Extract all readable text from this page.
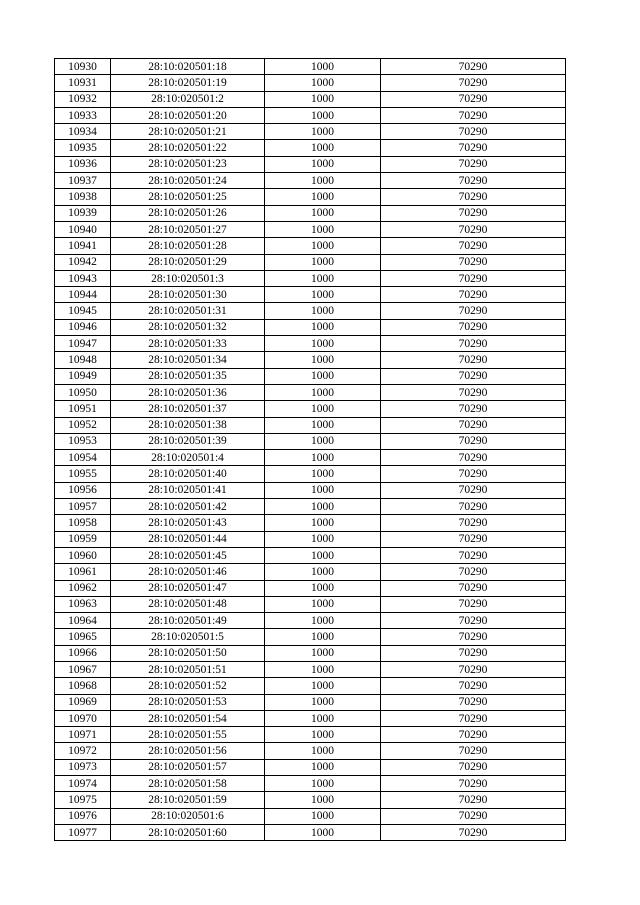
10930	28:10:020501:18	1000	70290
10931	28:10:020501:19	1000	70290
10932	28:10:020501:2	1000	70290
10933	28:10:020501:20	1000	70290
10934	28:10:020501:21	1000	70290
10935	28:10:020501:22	1000	70290
10936	28:10:020501:23	1000	70290
10937	28:10:020501:24	1000	70290
10938	28:10:020501:25	1000	70290
10939	28:10:020501:26	1000	70290
10940	28:10:020501:27	1000	70290
10941	28:10:020501:28	1000	70290
10942	28:10:020501:29	1000	70290
10943	28:10:020501:3	1000	70290
10944	28:10:020501:30	1000	70290
10945	28:10:020501:31	1000	70290
10946	28:10:020501:32	1000	70290
10947	28:10:020501:33	1000	70290
10948	28:10:020501:34	1000	70290
10949	28:10:020501:35	1000	70290
10950	28:10:020501:36	1000	70290
10951	28:10:020501:37	1000	70290
10952	28:10:020501:38	1000	70290
10953	28:10:020501:39	1000	70290
10954	28:10:020501:4	1000	70290
10955	28:10:020501:40	1000	70290
10956	28:10:020501:41	1000	70290
10957	28:10:020501:42	1000	70290
10958	28:10:020501:43	1000	70290
10959	28:10:020501:44	1000	70290
10960	28:10:020501:45	1000	70290
10961	28:10:020501:46	1000	70290
10962	28:10:020501:47	1000	70290
10963	28:10:020501:48	1000	70290
10964	28:10:020501:49	1000	70290
10965	28:10:020501:5	1000	70290
10966	28:10:020501:50	1000	70290
10967	28:10:020501:51	1000	70290
10968	28:10:020501:52	1000	70290
10969	28:10:020501:53	1000	70290
10970	28:10:020501:54	1000	70290
10971	28:10:020501:55	1000	70290
10972	28:10:020501:56	1000	70290
10973	28:10:020501:57	1000	70290
10974	28:10:020501:58	1000	70290
10975	28:10:020501:59	1000	70290
10976	28:10:020501:6	1000	70290
10977	28:10:020501:60	1000	70290
